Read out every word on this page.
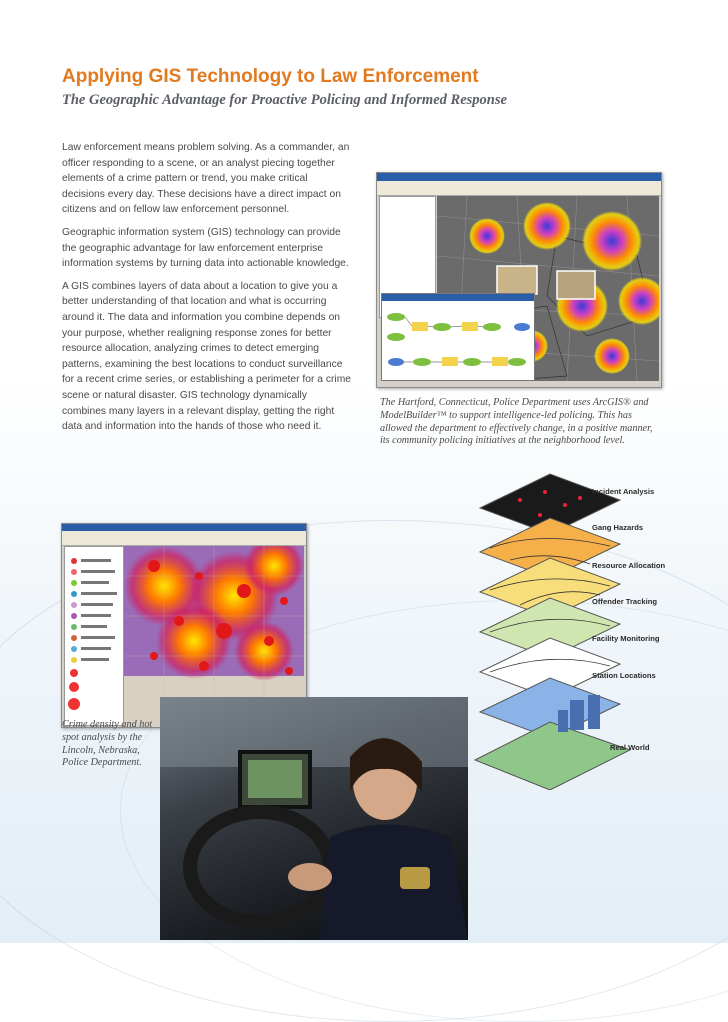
Applying GIS Technology to Law Enforcement
The Geographic Advantage for Proactive Policing and Informed Response

Law enforcement means problem solving. As a commander, an officer responding to a scene, or an analyst piecing together elements of a crime pattern or trend, you make critical decisions every day. These decisions have a direct impact on citizens and on fellow law enforcement personnel.

Geographic information system (GIS) technology can provide the geographic advantage for law enforcement enterprise information systems by turning data into actionable knowledge.

A GIS combines layers of data about a location to give you a better understanding of that location and what is occurring around it. The data and information you combine depends on your purpose, whether realigning response zones for better resource allocation, analyzing crimes to detect emerging patterns, examining the best locations to conduct surveillance for a recent crime series, or establishing a perimeter for a crime scene or natural disaster. GIS technology dynamically combines many layers in a relevant display, getting the right data and information into the hands of those who need it.

The Hartford, Connecticut, Police Department uses ArcGIS® and ModelBuilder™ to support intelligence-led policing. This has allowed the department to effectively change, in a positive manner, its community policing initiatives at the neighborhood level.
Crime density and hot spot analysis by the Lincoln, Nebraska, Police Department.
Incident Analysis
Gang Hazards
Resource Allocation
Offender Tracking
Facility Monitoring
Station Locations
Real World
